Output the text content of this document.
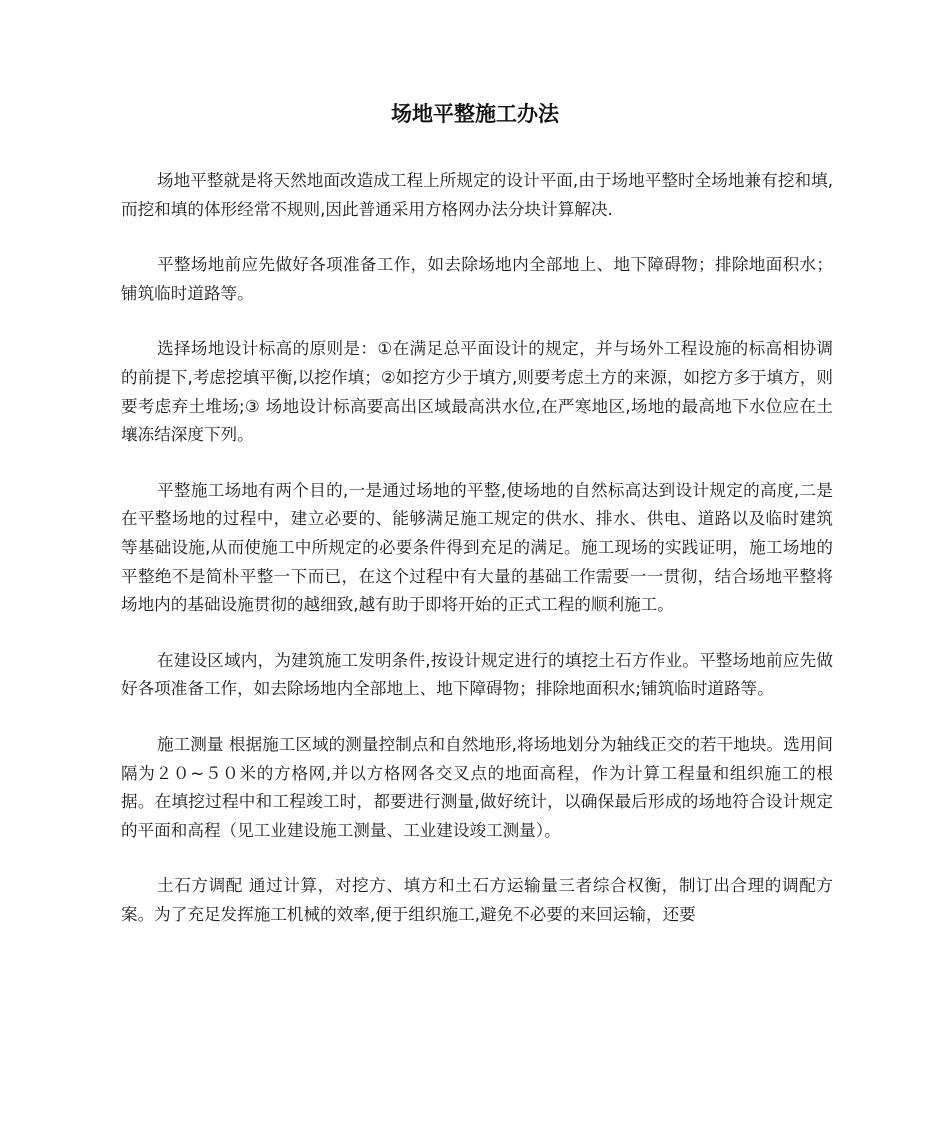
场地平整施工办法

场地平整就是将天然地面改造成工程上所规定的设计平面,由于场地平整时全场地兼有挖和填,而挖和填的体形经常不规则,因此普通采用方格网办法分块计算解决.

平整场地前应先做好各项准备工作，如去除场地内全部地上、地下障碍物；排除地面积水；铺筑临时道路等。

选择场地设计标高的原则是：①在满足总平面设计的规定，并与场外工程设施的标高相协调的前提下,考虑挖填平衡,以挖作填；②如挖方少于填方,则要考虑土方的来源，如挖方多于填方，则要考虑弃土堆场;③ 场地设计标高要高出区域最高洪水位,在严寒地区,场地的最高地下水位应在土壤冻结深度下列。

平整施工场地有两个目的,一是通过场地的平整,使场地的自然标高达到设计规定的高度,二是在平整场地的过程中，建立必要的、能够满足施工规定的供水、排水、供电、道路以及临时建筑等基础设施,从而使施工中所规定的必要条件得到充足的满足。施工现场的实践证明，施工场地的平整绝不是简朴平整一下而已，在这个过程中有大量的基础工作需要一一贯彻，结合场地平整将场地内的基础设施贯彻的越细致,越有助于即将开始的正式工程的顺利施工。

在建设区域内，为建筑施工发明条件,按设计规定进行的填挖土石方作业。平整场地前应先做好各项准备工作，如去除场地内全部地上、地下障碍物；排除地面积水;铺筑临时道路等。

施工测量 根据施工区域的测量控制点和自然地形,将场地划分为轴线正交的若干地块。选用间隔为２０~５０米的方格网,并以方格网各交叉点的地面高程，作为计算工程量和组织施工的根据。在填挖过程中和工程竣工时，都要进行测量,做好统计，以确保最后形成的场地符合设计规定的平面和高程（见工业建设施工测量、工业建设竣工测量）。

土石方调配 通过计算，对挖方、填方和土石方运输量三者综合权衡，制订出合理的调配方案。为了充足发挥施工机械的效率,便于组织施工,避免不必要的来回运输，还要
